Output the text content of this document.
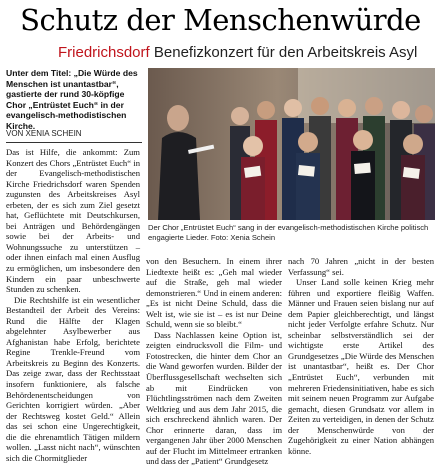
Schutz der Menschenwürde
Friedrichsdorf Benefizkonzert für den Arbeitskreis Asyl
Unter dem Titel: „Die Würde des Menschen ist unantastbar“, gastierte der rund 30-köpfige Chor „Entrüstet Euch“ in der evangelisch-methodistischen Kirche.
VON XENIA SCHEIN
Der Chor „Entrüstet Euch“ sang in der evangelisch-methodistischen Kirche politisch engagierte Lieder. Foto: Xenia Schein

Das ist Hilfe, die ankommt: Zum Konzert des Chors „Entrüstet Euch“ in der Evangelisch-methodistischen Kirche Friedrichsdorf waren Spenden zugunsten des Arbeitskreises Asyl erbeten, der es sich zum Ziel gesetzt hat, Geflüchtete mit Deutschkursen, bei Anträgen und Behördengängen sowie bei der Arbeits- und Wohnungssuche zu unterstützen – oder ihnen einfach mal einen Ausflug zu ermöglichen, um insbesondere den Kindern ein paar unbeschwerte Stunden zu schenken.

Die Rechtshilfe ist ein wesentlicher Bestandteil der Arbeit des Vereins: Rund die Hälfte der Klagen abgelehnter Asylbewerber aus Afghanistan habe Erfolg, berichtete Regine Trenkle-Freund vom Arbeitskreis zu Beginn des Konzerts. Das zeige zwar, dass der Rechtsstaat insofern funktioniere, als falsche Behördenentscheidungen von Gerichten korrigiert würden. „Aber der Rechtsweg kostet Geld.“ Allein das sei schon eine Ungerechtigkeit, die die ehrenamtlich Tätigen mildern wollen. „Lasst nicht nach“, wünschten sich die Chormitglieder

von den Besuchern. In einem ihrer Liedtexte heißt es: „Geh mal wieder auf die Straße, geh mal wieder demonstrieren.“ Und in einem anderen: „Es ist nicht Deine Schuld, dass die Welt ist, wie sie ist – es ist nur Deine Schuld, wenn sie so bleibt.“

Dass Nachlassen keine Option ist, zeigten eindrucksvoll die Film- und Fotostrecken, die hinter dem Chor an die Wand geworfen wurden. Bilder der Überflussgesellschaft wechselten sich ab mit Eindrücken von Flüchtlingsströmen nach dem Zweiten Weltkrieg und aus dem Jahr 2015, die sich erschreckend ähnlich waren. Der Chor erinnerte daran, dass im vergangenen Jahr über 2000 Menschen auf der Flucht im Mittelmeer ertranken und dass der „Patient“ Grundgesetz

nach 70 Jahren „nicht in der besten Verfassung“ sei.

Unser Land solle keinen Krieg mehr führen und exportiere fleißig Waffen. Männer und Frauen seien bislang nur auf dem Papier gleichberechtigt, und längst nicht jeder Verfolgte erfahre Schutz. Nur scheinbar selbstverständlich sei der wichtigste erste Artikel des Grundgesetzes „Die Würde des Menschen ist unantastbar“, heißt es. Der Chor „Entrüstet Euch“, verbunden mit mehreren Friedensinitiativen, habe es sich mit seinem neuen Programm zur Aufgabe gemacht, diesen Grundsatz vor allem in Zeiten zu verteidigen, in denen der Schutz der Menschenwürde von der Zugehörigkeit zu einer Nation abhängen könne.
